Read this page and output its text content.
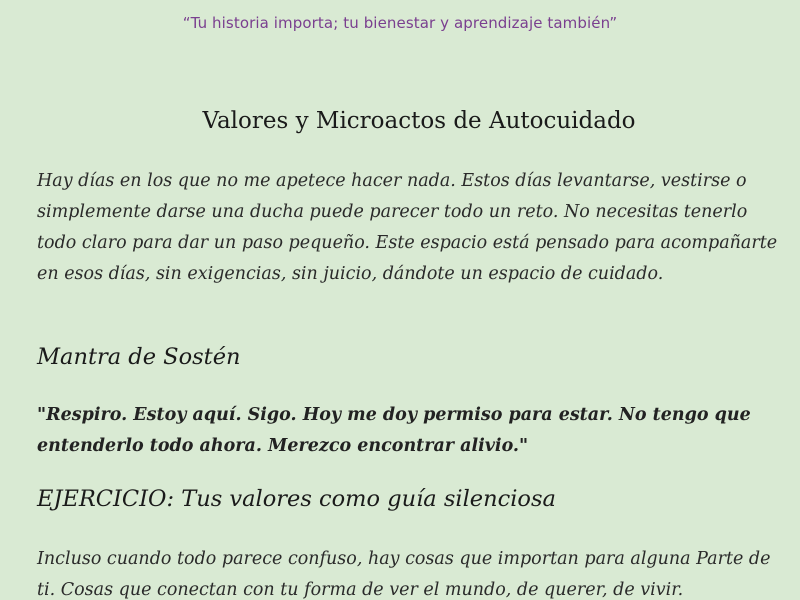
“Tu historia importa; tu bienestar y aprendizaje también”
Valores y Microactos de Autocuidado

Hay días en los que no me apetece hacer nada. Estos días levantarse, vestirse o simplemente darse una ducha puede parecer todo un reto. No necesitas tenerlo todo claro para dar un paso pequeño. Este espacio está pensado para acompañarte en esos días, sin exigencias, sin juicio, dándote un espacio de cuidado.

Mantra de Sostén

"Respiro. Estoy aquí. Sigo. Hoy me doy permiso para estar. No tengo que entenderlo todo ahora. Merezco encontrar alivio."

EJERCICIO: Tus valores como guía silenciosa

Incluso cuando todo parece confuso, hay cosas que importan para alguna Parte de ti. Cosas que conectan con tu forma de ver el mundo, de querer, de vivir.
